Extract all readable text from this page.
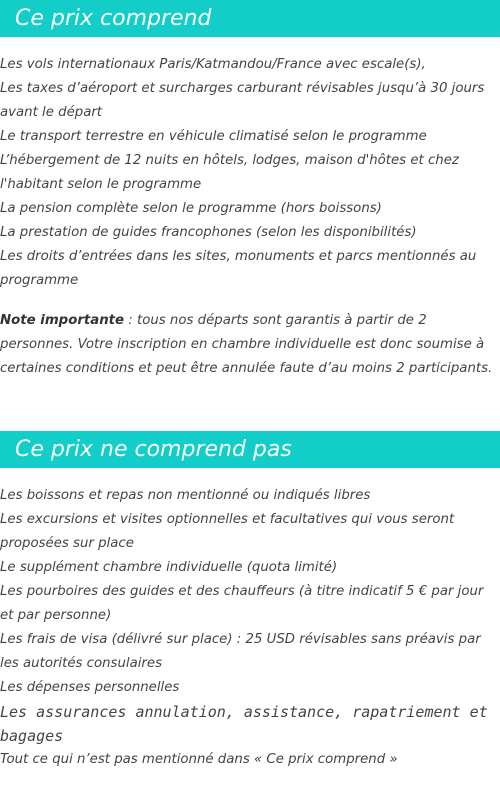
Ce prix comprend
Les vols internationaux Paris/Katmandou/France avec escale(s),
Les taxes d’aéroport et surcharges carburant révisables jusqu’à 30 jours avant le départ
Le transport terrestre en véhicule climatisé selon le programme
L’hébergement de 12 nuits en hôtels, lodges, maison d'hôtes et chez l'habitant selon le programme
La pension complète selon le programme (hors boissons)
La prestation de guides francophones (selon les disponibilités)
Les droits d’entrées dans les sites, monuments et parcs mentionnés au programme

Note importante : tous nos départs sont garantis à partir de 2 personnes. Votre inscription en chambre individuelle est donc soumise à certaines conditions et peut être annulée faute d’au moins 2 participants.

Ce prix ne comprend pas
Les boissons et repas non mentionné ou indiqués libres
Les excursions et visites optionnelles et facultatives qui vous seront proposées sur place
Le supplément chambre individuelle (quota limité)
Les pourboires des guides et des chauffeurs (à titre indicatif 5 € par jour et par personne)
Les frais de visa (délivré sur place) : 25 USD révisables sans préavis par les autorités consulaires
Les dépenses personnelles
Les assurances annulation, assistance, rapatriement et bagages
Tout ce qui n’est pas mentionné dans « Ce prix comprend »
